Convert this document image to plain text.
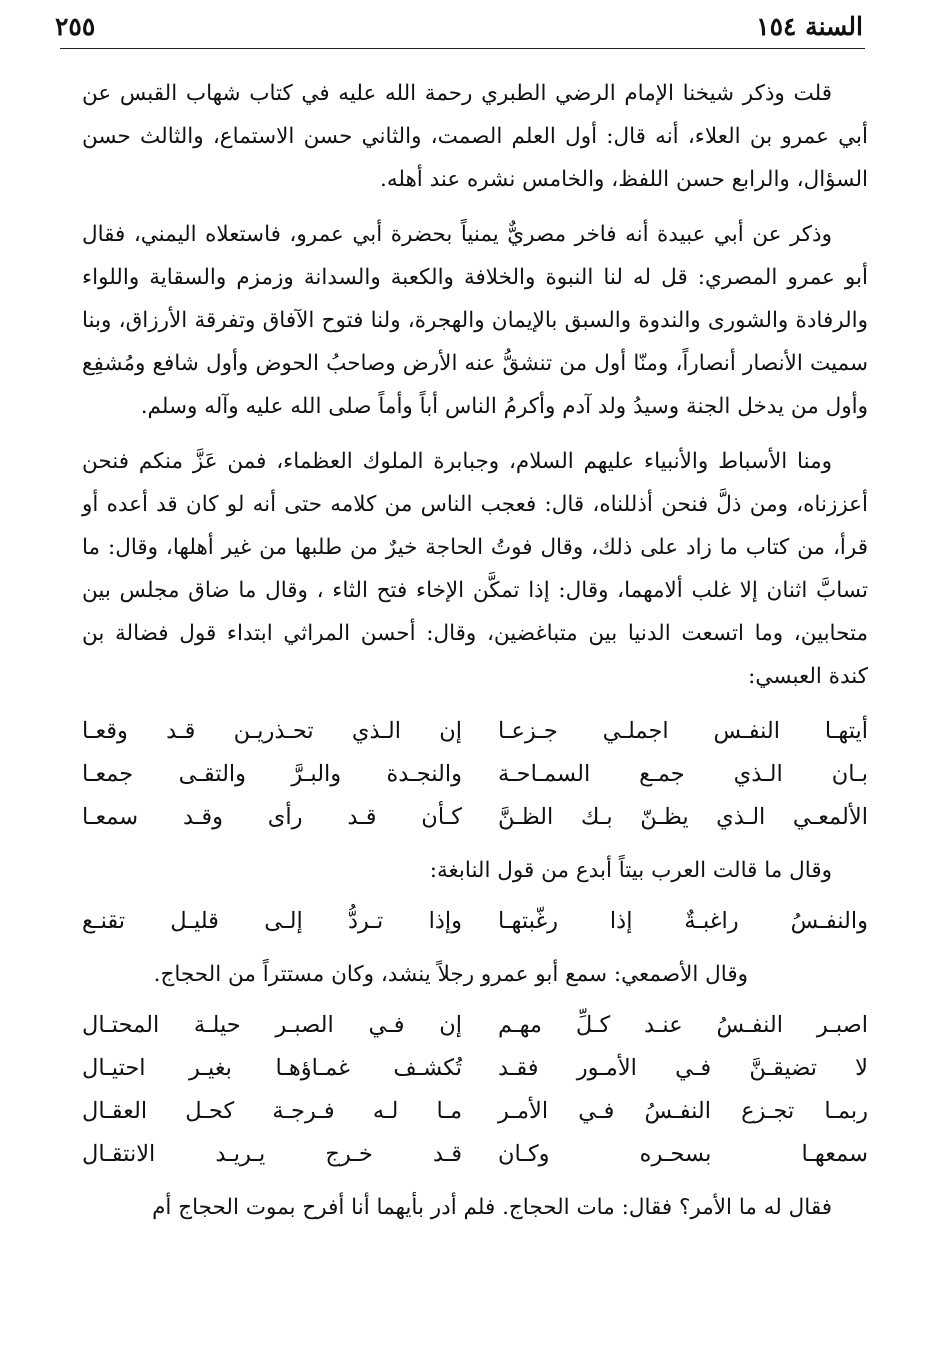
السنة ١٥٤
٢٥٥

قلت وذكر شيخنا الإمام الرضي الطبري رحمة الله عليه في كتاب شهاب القبس عن أبي عمرو بن العلاء، أنه قال: أول العلم الصمت، والثاني حسن الاستماع، والثالث حسن السؤال، والرابع حسن اللفظ، والخامس نشره عند أهله.

وذكر عن أبي عبيدة أنه فاخر مصريٌّ يمنياً بحضرة أبي عمرو، فاستعلاه اليمني، فقال أبو عمرو المصري: قل له لنا النبوة والخلافة والكعبة والسدانة وزمزم والسقاية واللواء والرفادة والشورى والندوة والسبق بالإيمان والهجرة، ولنا فتوح الآفاق وتفرقة الأرزاق، وبنا سميت الأنصار أنصاراً، ومنّا أول من تنشقُّ عنه الأرض وصاحبُ الحوض وأول شافع ومُشفِع وأول من يدخل الجنة وسيدُ ولد آدم وأكرمُ الناس أباً وأماً صلى الله عليه وآله وسلم.

ومنا الأسباط والأنبياء عليهم السلام، وجبابرة الملوك العظماء، فمن عَزَّ منكم فنحن أعززناه، ومن ذلَّ فنحن أذللناه، قال: فعجب الناس من كلامه حتى أنه لو كان قد أعده أو قرأ، من كتاب ما زاد على ذلك، وقال فوتُ الحاجة خيرٌ من طلبها من غير أهلها، وقال: ما تسابَّ اثنان إلا غلب ألامهما، وقال: إذا تمكَّن الإخاء فتح الثاء ، وقال ما ضاق مجلس بين متحابين، وما اتسعت الدنيا بين متباغضين، وقال: أحسن المراثي ابتداء قول فضالة بن كندة العبسي:

أيتهـا النفـس اجملـي جـزعـا
إن الـذي تحـذريـن قـد وقعـا
بـان الـذي جمـع السمـاحـة
والنجـدة والبـرَّ والتقـى جمعـا
الألمعـي الـذي يظـنّ بـك الظـنَّ
كـأن قـد رأى وقـد سمعـا

وقال ما قالت العرب بيتاً أبدع من قول النابغة:

والنفـسُ راغبـةٌ إذا رغّبتهـا
وإذا تـردُّ إلـى قليـل تقنـع

وقال الأصمعي: سمع أبو عمرو رجلاً ينشد، وكان مستتراً من الحجاج.

اصبـر النفـسُ عنـد كـلِّ مهـم
إن فـي الصبـر حيلـة المحتـال
لا تضيقـنَّ فـي الأمـور فقـد
تُكشـف غمـاؤهـا بغيـر احتيـال
ربمـا تجـزع النفـسُ فـي الأمـر
مـا لـه فـرجـة كحـل العقـال
سمعهـا بسحـره وكـان
قـد خـرج يـريـد الانتقـال

فقال له ما الأمر؟ فقال: مات الحجاج. فلم أدر بأيهما أنا أفرح بموت الحجاج أم
